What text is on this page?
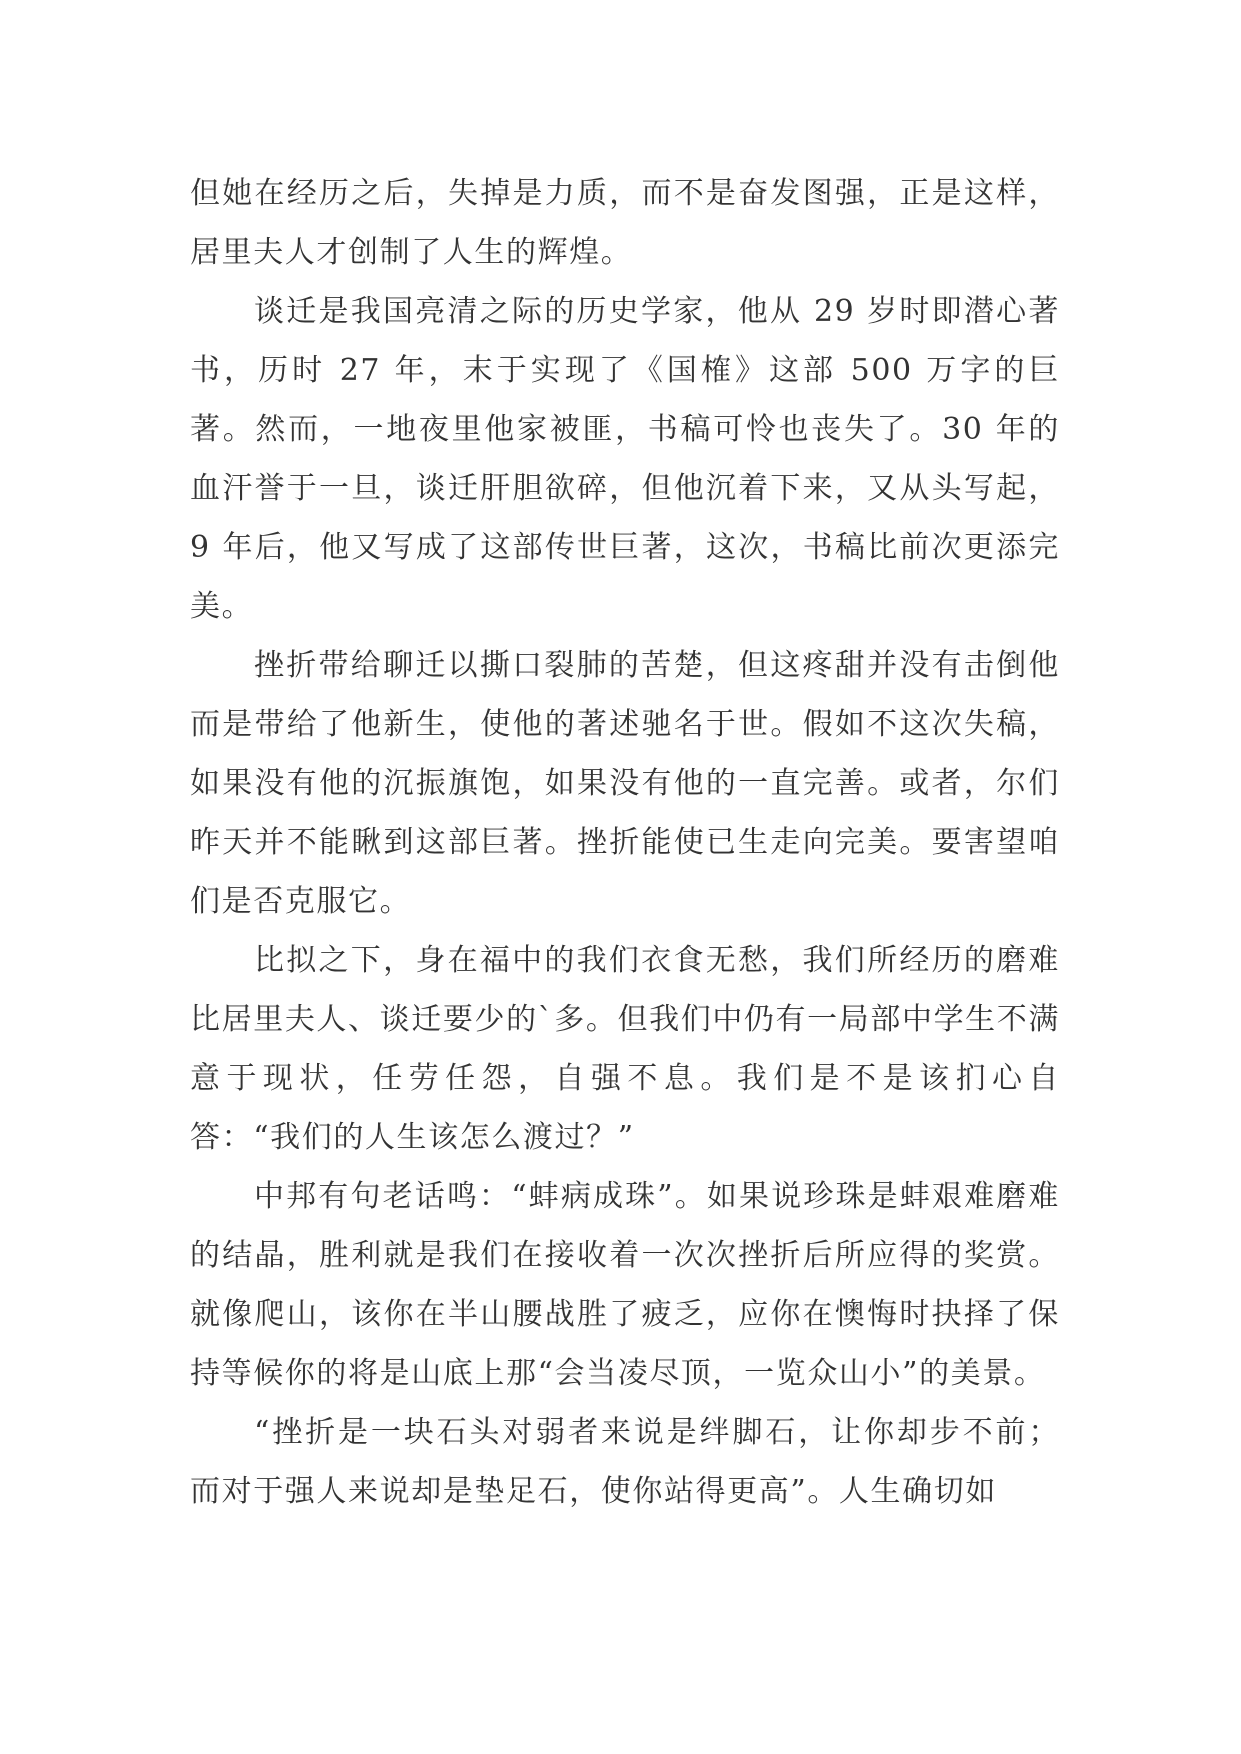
但她在经历之后，失掉是力质，而不是奋发图强，正是这样，居里夫人才创制了人生的辉煌。

谈迁是我国亮清之际的历史学家，他从 29 岁时即潜心著书，历时 27 年，末于实现了《国榷》这部 500 万字的巨著。然而，一地夜里他家被匪，书稿可怜也丧失了。30 年的血汗誉于一旦，谈迁肝胆欲碎，但他沉着下来，又从头写起，9 年后，他又写成了这部传世巨著，这次，书稿比前次更添完美。

挫折带给聊迁以撕口裂肺的苦楚，但这疼甜并没有击倒他而是带给了他新生，使他的著述驰名于世。假如不这次失稿，如果没有他的沉振旗饱，如果没有他的一直完善。或者，尔们昨天并不能瞅到这部巨著。挫折能使已生走向完美。要害望咱们是否克服它。

比拟之下，身在福中的我们衣食无愁，我们所经历的磨难比居里夫人、谈迁要少的`多。但我们中仍有一局部中学生不满意于现状，任劳任怨，自强不息。我们是不是该扪心自答：“我们的人生该怎么渡过？”

中邦有句老话鸣：“蚌病成珠”。如果说珍珠是蚌艰难磨难的结晶，胜利就是我们在接收着一次次挫折后所应得的奖赏。就像爬山，该你在半山腰战胜了疲乏，应你在懊悔时抉择了保持等候你的将是山底上那“会当凌尽顶，一览众山小”的美景。

“挫折是一块石头对弱者来说是绊脚石，让你却步不前；而对于强人来说却是垫足石，使你站得更高”。人生确切如
